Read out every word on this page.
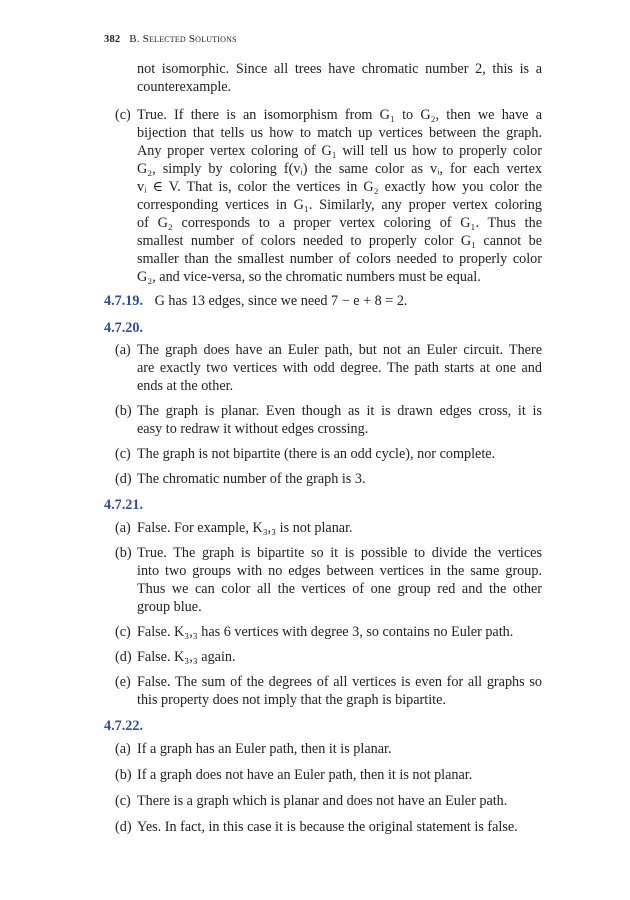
382 B. Selected Solutions
not isomorphic. Since all trees have chromatic number 2, this is a
counterexample.
(c) True. If there is an isomorphism from G₁ to G₂, then we have a
bijection that tells us how to match up vertices between the graph.
Any proper vertex coloring of G₁ will tell us how to properly color
G₂, simply by coloring f(vᵢ) the same color as vᵢ, for each vertex
vᵢ ∈ V. That is, color the vertices in G₂ exactly how you color the
corresponding vertices in G₁. Similarly, any proper vertex coloring
of G₂ corresponds to a proper vertex coloring of G₁. Thus the
smallest number of colors needed to properly color G₁ cannot be
smaller than the smallest number of colors needed to properly color
G₂, and vice-versa, so the chromatic numbers must be equal.
4.7.19. G has 13 edges, since we need 7 − e + 8 = 2.
4.7.20.
(a) The graph does have an Euler path, but not an Euler circuit. There
are exactly two vertices with odd degree. The path starts at one and
ends at the other.
(b) The graph is planar. Even though as it is drawn edges cross, it is
easy to redraw it without edges crossing.
(c) The graph is not bipartite (there is an odd cycle), nor complete.
(d) The chromatic number of the graph is 3.
4.7.21.
(a) False. For example, K₃,₃ is not planar.
(b) True. The graph is bipartite so it is possible to divide the vertices
into two groups with no edges between vertices in the same group.
Thus we can color all the vertices of one group red and the other
group blue.
(c) False. K₃,₃ has 6 vertices with degree 3, so contains no Euler path.
(d) False. K₃,₃ again.
(e) False. The sum of the degrees of all vertices is even for all graphs so
this property does not imply that the graph is bipartite.
4.7.22.
(a) If a graph has an Euler path, then it is planar.
(b) If a graph does not have an Euler path, then it is not planar.
(c) There is a graph which is planar and does not have an Euler path.
(d) Yes. In fact, in this case it is because the original statement is false.
